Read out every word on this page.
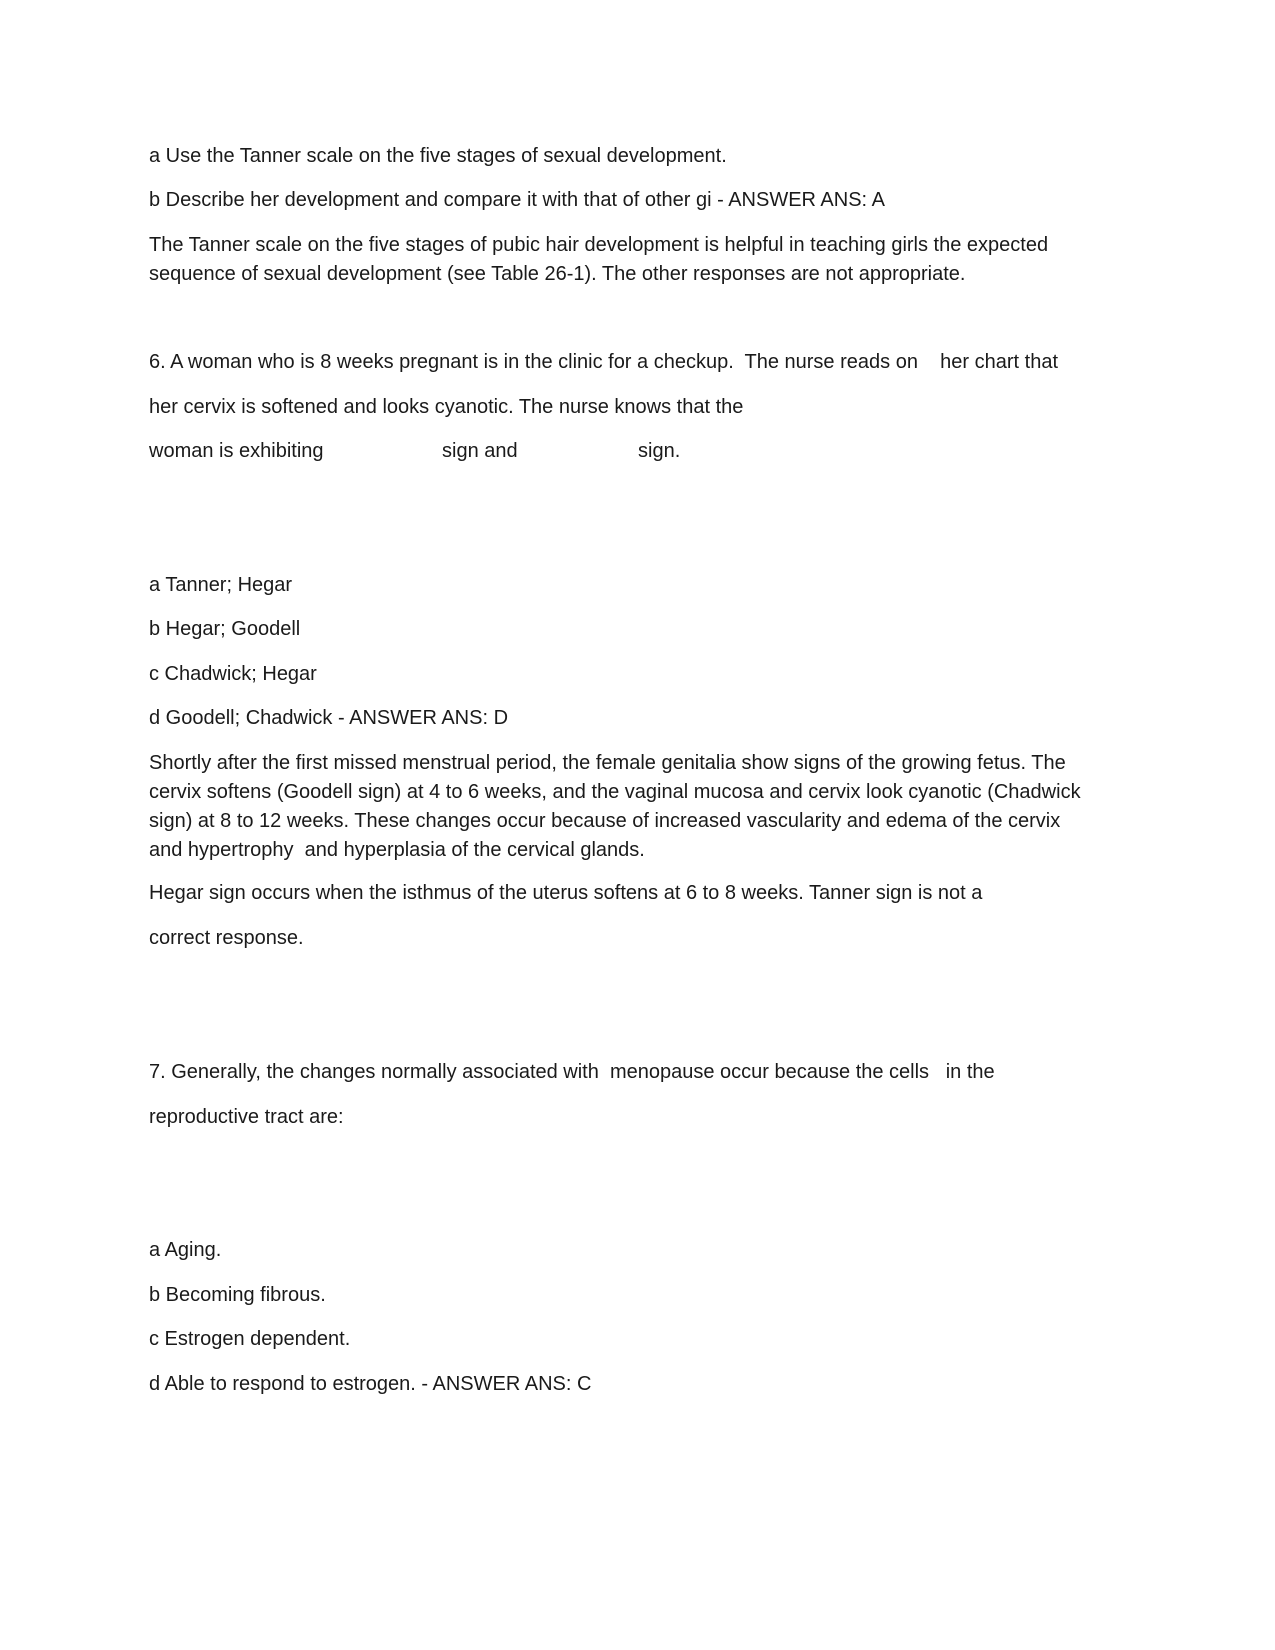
a Use the Tanner scale on the five stages of sexual development.
b Describe her development and compare it with that of other gi - ANSWER ANS: A
The Tanner scale on the five stages of pubic hair development is helpful in teaching girls the expected
sequence of sexual development (see Table 26-1). The other responses are not appropriate.
6. A woman who is 8 weeks pregnant is in the clinic for a checkup.  The nurse reads on    her chart that
her cervix is softened and looks cyanotic. The nurse knows that the
woman is exhibiting	sign and	sign.
a Tanner; Hegar
b Hegar; Goodell
c Chadwick; Hegar
d Goodell; Chadwick - ANSWER ANS: D
Shortly after the first missed menstrual period, the female genitalia show signs of the growing fetus. The
cervix softens (Goodell sign) at 4 to 6 weeks, and the vaginal mucosa and cervix look cyanotic (Chadwick
sign) at 8 to 12 weeks. These changes occur because of increased vascularity and edema of the cervix
and hypertrophy  and hyperplasia of the cervical glands.
Hegar sign occurs when the isthmus of the uterus softens at 6 to 8 weeks. Tanner sign is not a
correct response.
7. Generally, the changes normally associated with  menopause occur because the cells   in the
reproductive tract are:
a Aging.
b Becoming fibrous.
c Estrogen dependent.
d Able to respond to estrogen. - ANSWER ANS: C
